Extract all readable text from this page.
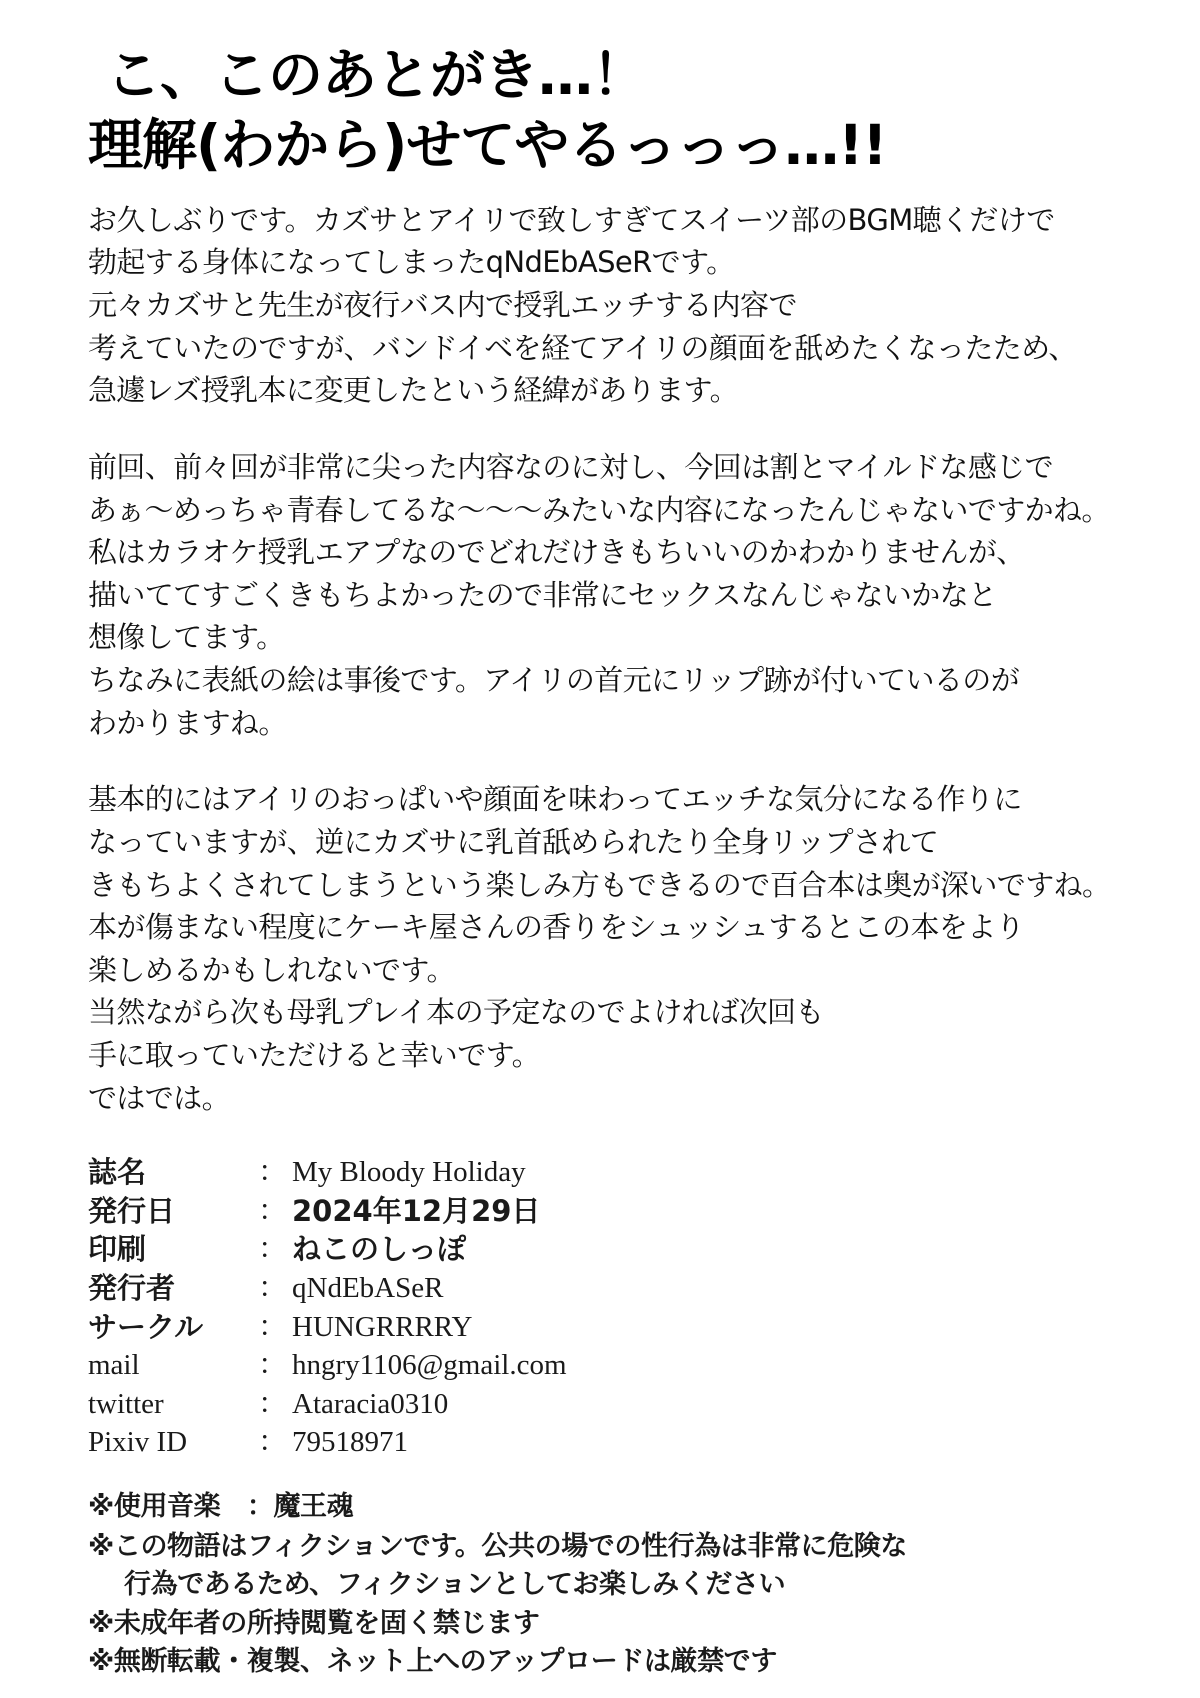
こ、このあとがき…！
理解(わから)せてやるっっっ…!!
お久しぶりです。カズサとアイリで致しすぎてスイーツ部のBGM聴くだけで
勃起する身体になってしまったqNdEbASeRです。
元々カズサと先生が夜行バス内で授乳エッチする内容で
考えていたのですが、バンドイベを経てアイリの顔面を舐めたくなったため、
急遽レズ授乳本に変更したという経緯があります。
前回、前々回が非常に尖った内容なのに対し、今回は割とマイルドな感じで
あぁ〜めっちゃ青春してるな〜〜〜みたいな内容になったんじゃないですかね。
私はカラオケ授乳エアプなのでどれだけきもちいいのかわかりませんが、
描いててすごくきもちよかったので非常にセックスなんじゃないかなと
想像してます。
ちなみに表紙の絵は事後です。アイリの首元にリップ跡が付いているのが
わかりますね。
基本的にはアイリのおっぱいや顔面を味わってエッチな気分になる作りに
なっていますが、逆にカズサに乳首舐められたり全身リップされて
きもちよくされてしまうという楽しみ方もできるので百合本は奥が深いですね。
本が傷まない程度にケーキ屋さんの香りをシュッシュするとこの本をより
楽しめるかもしれないです。
当然ながら次も母乳プレイ本の予定なのでよければ次回も
手に取っていただけると幸いです。
ではでは。
誌名	：	My Bloody Holiday
発行日	：	2024年12月29日
印刷	：	ねこのしっぽ
発行者	：	qNdEbASeR
サークル	：	HUNGRRRRY
mail	：	hngry1106@gmail.com
twitter	：	Ataracia0310
Pixiv ID	：	79518971
※使用音楽　：魔王魂
※この物語はフィクションです。公共の場での性行為は非常に危険な
行為であるため、フィクションとしてお楽しみください
※未成年者の所持閲覧を固く禁じます
※無断転載・複製、ネット上へのアップロードは厳禁です
